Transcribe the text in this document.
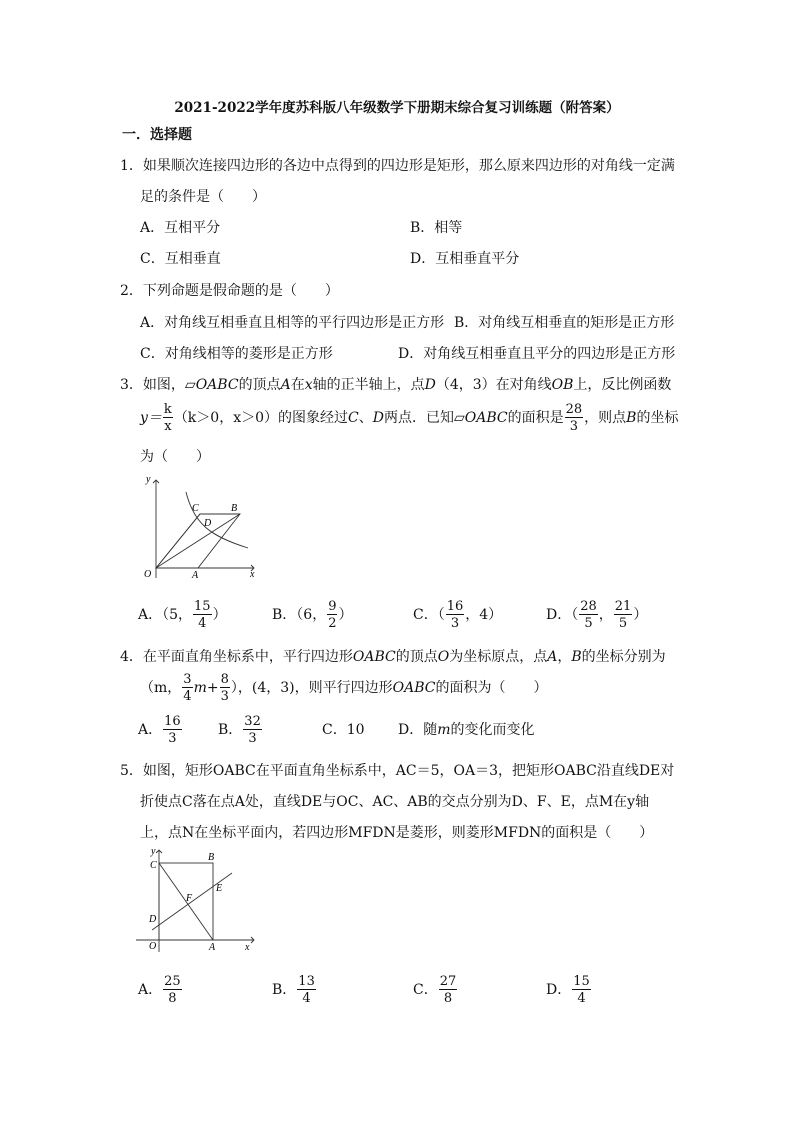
2021-2022学年度苏科版八年级数学下册期末综合复习训练题（附答案）
一．选择题
1．如果顺次连接四边形的各边中点得到的四边形是矩形，那么原来四边形的对角线一定满
足的条件是（　　）
A．互相平分	B．相等
C．互相垂直	D．互相垂直平分
2．下列命题是假命题的是（　　）
A．对角线互相垂直且相等的平行四边形是正方形 B．对角线互相垂直的矩形是正方形
C．对角线相等的菱形是正方形	D．对角线互相垂直且平分的四边形是正方形
3．如图，▱OABC的顶点A在x轴的正半轴上，点D（4，3）在对角线OB上，反比例函数
$y= \frac{k}{x} (k>0$，x＞0）的图象经过C、D两点．已知▱OABC的面积是 $\frac{28}{3}$ ，则点B的坐标
为（　　）
y
C	B
D
O	A	x
A．（5， $\frac{15}{4}$ ）	B．（6， $\frac{9}{2}$ ）	C．（ $\frac{16}{3}$ ，4）	D．（ $\frac{28}{5}$ ， $\frac{21}{5}$ ）
4．在平面直角坐标系中，平行四边形OABC的顶点O为坐标原点，点A，B的坐标分别为
（m， $\frac{3}{4} m+ \frac{8}{3}$ ），(4，3)，则平行四边形OABC的面积为（　　）
A． $\frac{16}{3}$	B． $\frac{32}{3}$	C．10 D．随m的变化而变化
5．如图，矩形OABC在平面直角坐标系中，AC＝5，OA＝3，把矩形OABC沿直线DE对
折使点C落在点A处，直线DE与OC、AC、AB的交点分别为D、F、E，点M在y轴
上，点N在坐标平面内，若四边形MFDN是菱形，则菱形MFDN的面积是（　　）
y
C
B
E
F
D
O	A	x
A． $\frac{25}{8}$	B． $\frac{13}{4}$	C． $\frac{27}{8}$	D． $\frac{15}{4}$
